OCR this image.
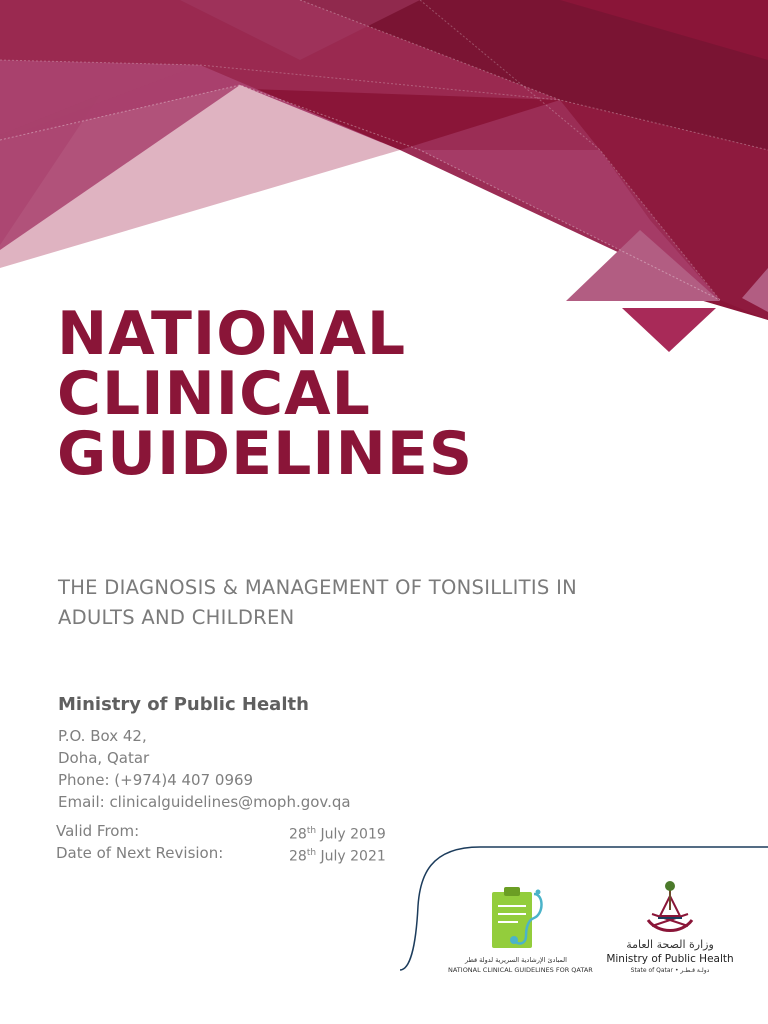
NATIONAL
CLINICAL
GUIDELINES
THE DIAGNOSIS & MANAGEMENT OF TONSILLITIS IN
ADULTS AND CHILDREN
Ministry of Public Health
P.O. Box 42,
Doha, Qatar
Phone: (+974)4 407 0969
Email: clinicalguidelines@moph.gov.qa
Valid From:	28th July 2019
Date of Next Revision:	28th July 2021
المبادئ الإرشادية السريرية لدولة قطر
NATIONAL CLINICAL GUIDELINES FOR QATAR
وزارة الصحة العامة
Ministry of Public Health
State of Qatar • دولـة قـطـر
